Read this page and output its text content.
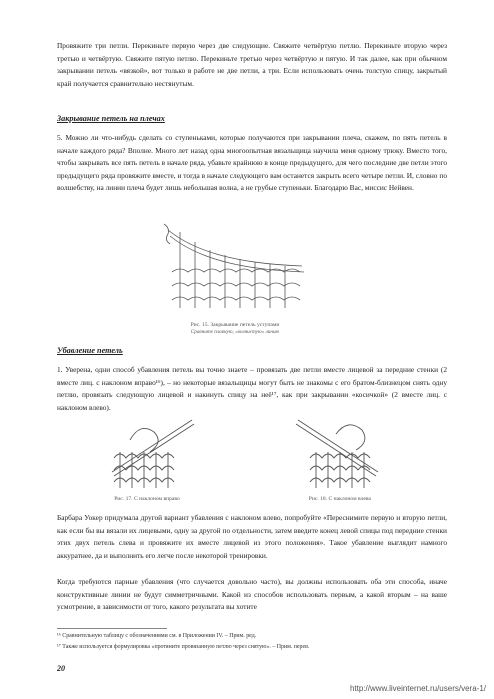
Провяжите три петли. Перекиньте первую через две следующие. Свяжите четвёртую петлю. Перекиньте вторую через третью и четвёртую. Свяжите пятую петлю. Перекиньте третью через четвёртую и пятую. И так далее, как при обычном закрывании петель «вязкой», вот только в работе не две петли, а три. Если использовать очень толстую спицу, закрытый край получается сравнительно нестянутым.

Закрывание петель на плечах

5. Можно ли что-нибудь сделать со ступеньками, которые получаются при закрывании плеча, скажем, по пять петель в начале каждого ряда? Вполне. Много лет назад одна многоопытная вязальщица научила меня одному трюку. Вместо того, чтобы закрывать все пять петель в начале ряда, убавьте крайнюю в конце предыдущего, для чего последние две петли этого предыдущего ряда провяжите вместе, и тогда в начале следующего вам останется закрыть всего четыре петли. И, словно по волшебству, на линии плеча будет лишь небольшая волна, а не грубые ступеньки. Благодарю Вас, миссис Нейвен.

Рис. 15. Закрывание петель уступами
Сравните плавную, «волнистую» линию
Убавление петель

1. Уверена, одни способ убавления петель вы точно знаете – провязать две петли вместе лицевой за передние стенки (2 вместе лиц. с наклоном вправо¹⁶), – но некоторые вязальщицы могут быть не знакомы с его братом-близнецом снять одну петлю, провязать следующую лицевой и накинуть спицу на неё¹⁷, как при закрывании «косичкой» (2 вместе лиц. с наклоном влево).

Рис. 17. С наклоном вправо	Рис. 18. С наклоном влево

Барбара Уокер придумала другой вариант убавления с наклоном влево, попробуйте «Переснимите первую и вторую петли, как если бы вы вязали их лицевыми, одну за другой по отдельности, затем введите конец левой спицы под передние стенки этих двух петель слева и провяжите их вместе лицевой из этого положения». Такое убавление выглядит намного аккуратнее, да и выполнить его легче после некоторой тренировки.

Когда требуются парные убавления (что случается довольно часто), вы должны использовать оба эти способа, иначе конструктивные линии не будут симметричными. Какой из способов использовать первым, а какой вторым – на ваше усмотрение, в зависимости от того, какого результата вы хотите

¹⁶ Сравнительную таблицу с обозначениями см. в Приложении IV. – Прим. ред.

¹⁷ Также используется формулировка «протяните провязанную петлю через снятую». – Прим. перев.

20
http://www.liveinternet.ru/users/vera-1/
